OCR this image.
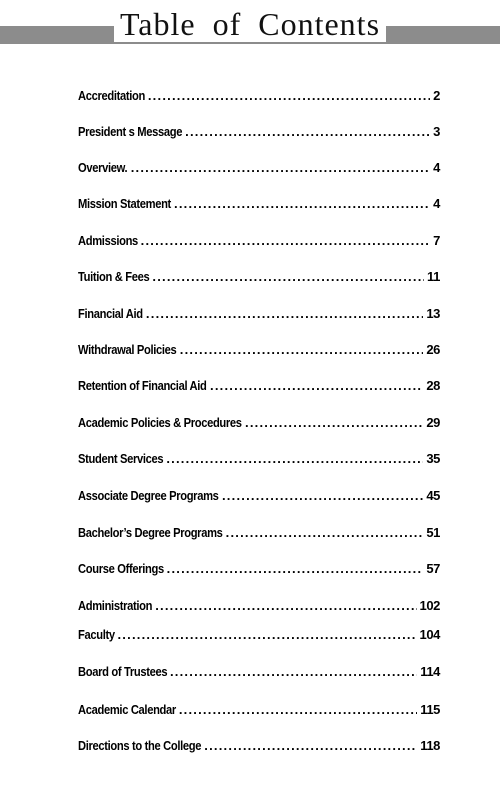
Table of Contents
Accreditation . . .	2
President s Message . . .	3
Overview. . . .	4
Mission Statement . . .	4
Admissions . . .	7
Tuition & Fees . . .	11
Financial Aid . . .	13
Withdrawal Policies . . .	26
Retention of Financial Aid . . .	28
Academic Policies & Procedures . . .	29
Student Services . . .	35
Associate Degree Programs . . .	45
Bachelor’s Degree Programs . . .	51
Course Offerings . . .	57
Administration . . .	102
Faculty . . .	104
Board of Trustees . . .	114
Academic Calendar . . .	115
Directions to the College . . .	118
